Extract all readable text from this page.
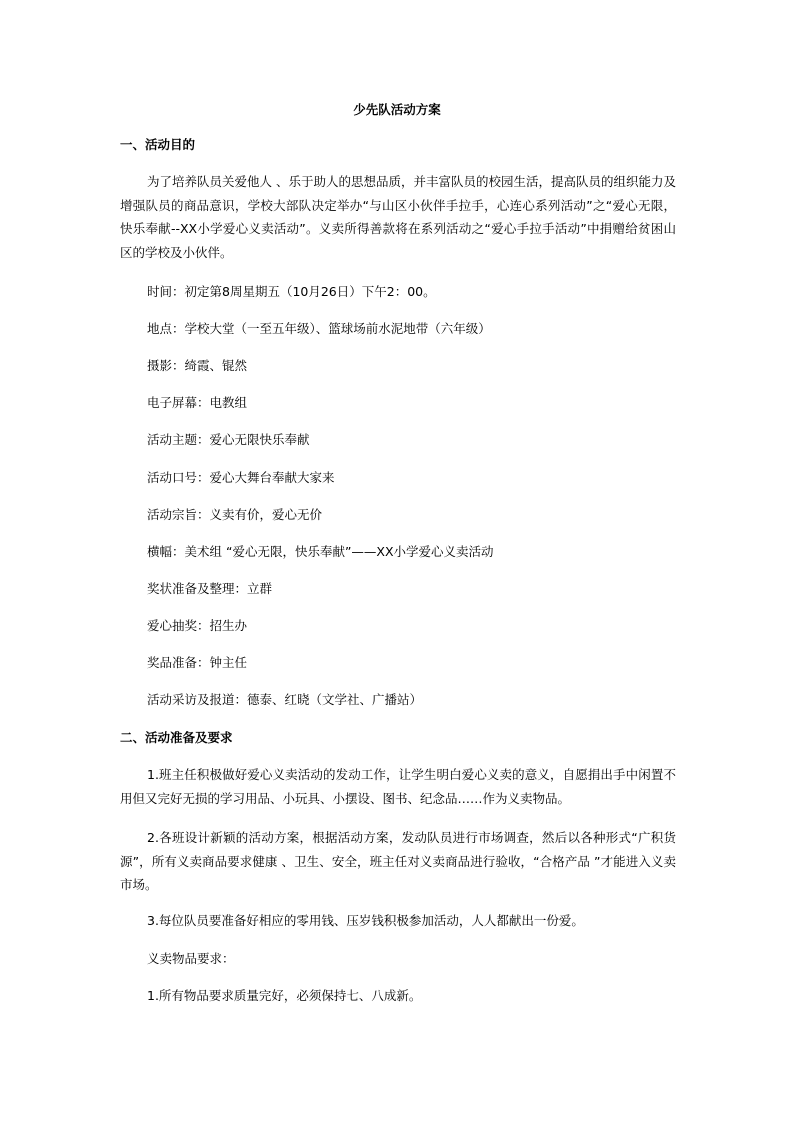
少先队活动方案
一、活动目的

为了培养队员关爱他人 、乐于助人的思想品质，并丰富队员的校园生活，提高队员的组织能力及增强队员的商品意识，学校大部队决定举办“与山区小伙伴手拉手，心连心系列活动”之“爱心无限，快乐奉献--XX小学爱心义卖活动”。义卖所得善款将在系列活动之“爱心手拉手活动”中捐赠给贫困山区的学校及小伙伴。

时间：初定第8周星期五（10月26日）下午2：00。
地点：学校大堂（一至五年级）、篮球场前水泥地带（六年级）
摄影：绮霞、锟然
电子屏幕：电教组
活动主题：爱心无限快乐奉献
活动口号：爱心大舞台奉献大家来
活动宗旨：义卖有价，爱心无价
横幅：美术组 “爱心无限，快乐奉献”——XX小学爱心义卖活动
奖状准备及整理：立群
爱心抽奖：招生办
奖品准备：钟主任
活动采访及报道：德泰、红晓（文学社、广播站）
二、活动准备及要求

1.班主任积极做好爱心义卖活动的发动工作，让学生明白爱心义卖的意义，自愿捐出手中闲置不用但又完好无损的学习用品、小玩具、小摆设、图书、纪念品……作为义卖物品。

2.各班设计新颖的活动方案，根据活动方案，发动队员进行市场调查，然后以各种形式“广积货源”，所有义卖商品要求健康 、卫生、安全，班主任对义卖商品进行验收，“合格产品 ”才能进入义卖市场。

3.每位队员要准备好相应的零用钱、压岁钱积极参加活动，人人都献出一份爱。

义卖物品要求：
1.所有物品要求质量完好，必须保持七、八成新。
